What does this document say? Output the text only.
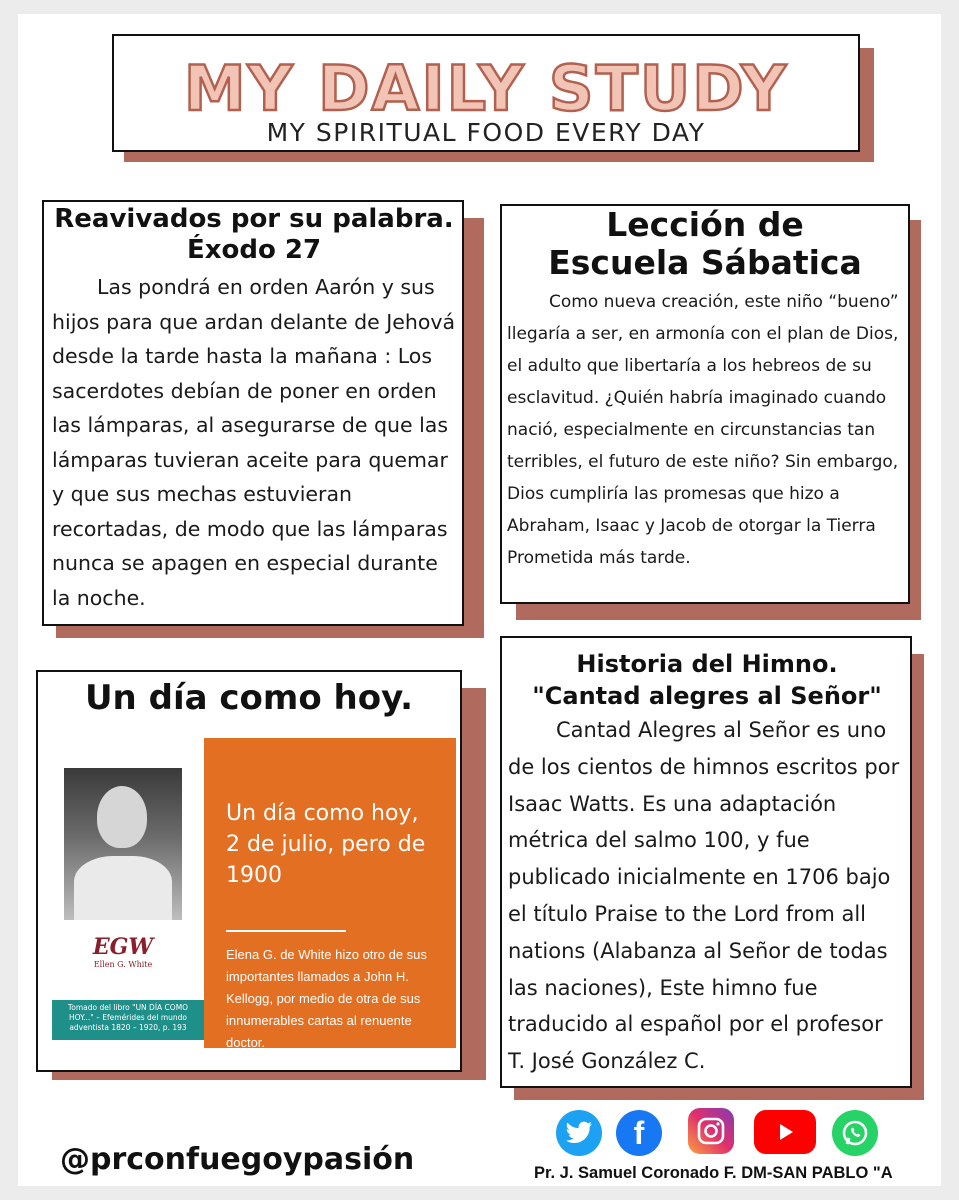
MY DAILY STUDY
MY SPIRITUAL FOOD EVERY DAY
Reavivados por su palabra.
Éxodo 27
Las pondrá en orden Aarón y sus hijos para que ardan delante de Jehová desde la tarde hasta la mañana : Los sacerdotes debían de poner en orden las lámparas, al asegurarse de que las lámparas tuvieran aceite para quemar y que sus mechas estuvieran recortadas, de modo que las lámparas nunca se apagen en especial durante la noche.
Lección de
Escuela Sábatica
Como nueva creación, este niño “bueno” llegaría a ser, en armonía con el plan de Dios, el adulto que libertaría a los hebreos de su esclavitud. ¿Quién habría imaginado cuando nació, especialmente en circunstancias tan terribles, el futuro de este niño? Sin embargo, Dios cumpliría las promesas que hizo a Abraham, Isaac y Jacob de otorgar la Tierra Prometida más tarde.
Un día como hoy.
EGW
Ellen G. White
Tomado del libro "UN DÍA COMO HOY..." – Efemérides del mundo adventista 1820 – 1920, p. 193
Un día como hoy, 2 de julio, pero de 1900
Elena G. de White hizo otro de sus importantes llamados a John H. Kellogg, por medio de otra de sus innumerables cartas al renuente doctor.
Historia del Himno.
"Cantad alegres al Señor"
Cantad Alegres al Señor es uno de los cientos de himnos escritos por Isaac Watts. Es una adaptación métrica del salmo 100, y fue publicado inicialmente en 1706 bajo el título Praise to the Lord from all nations (Alabanza al Señor de todas las naciones), Este himno fue traducido al español por el profesor T. José González C.
@prconfuegoypasión
f
Pr. J. Samuel Coronado F. DM-SAN PABLO "A
